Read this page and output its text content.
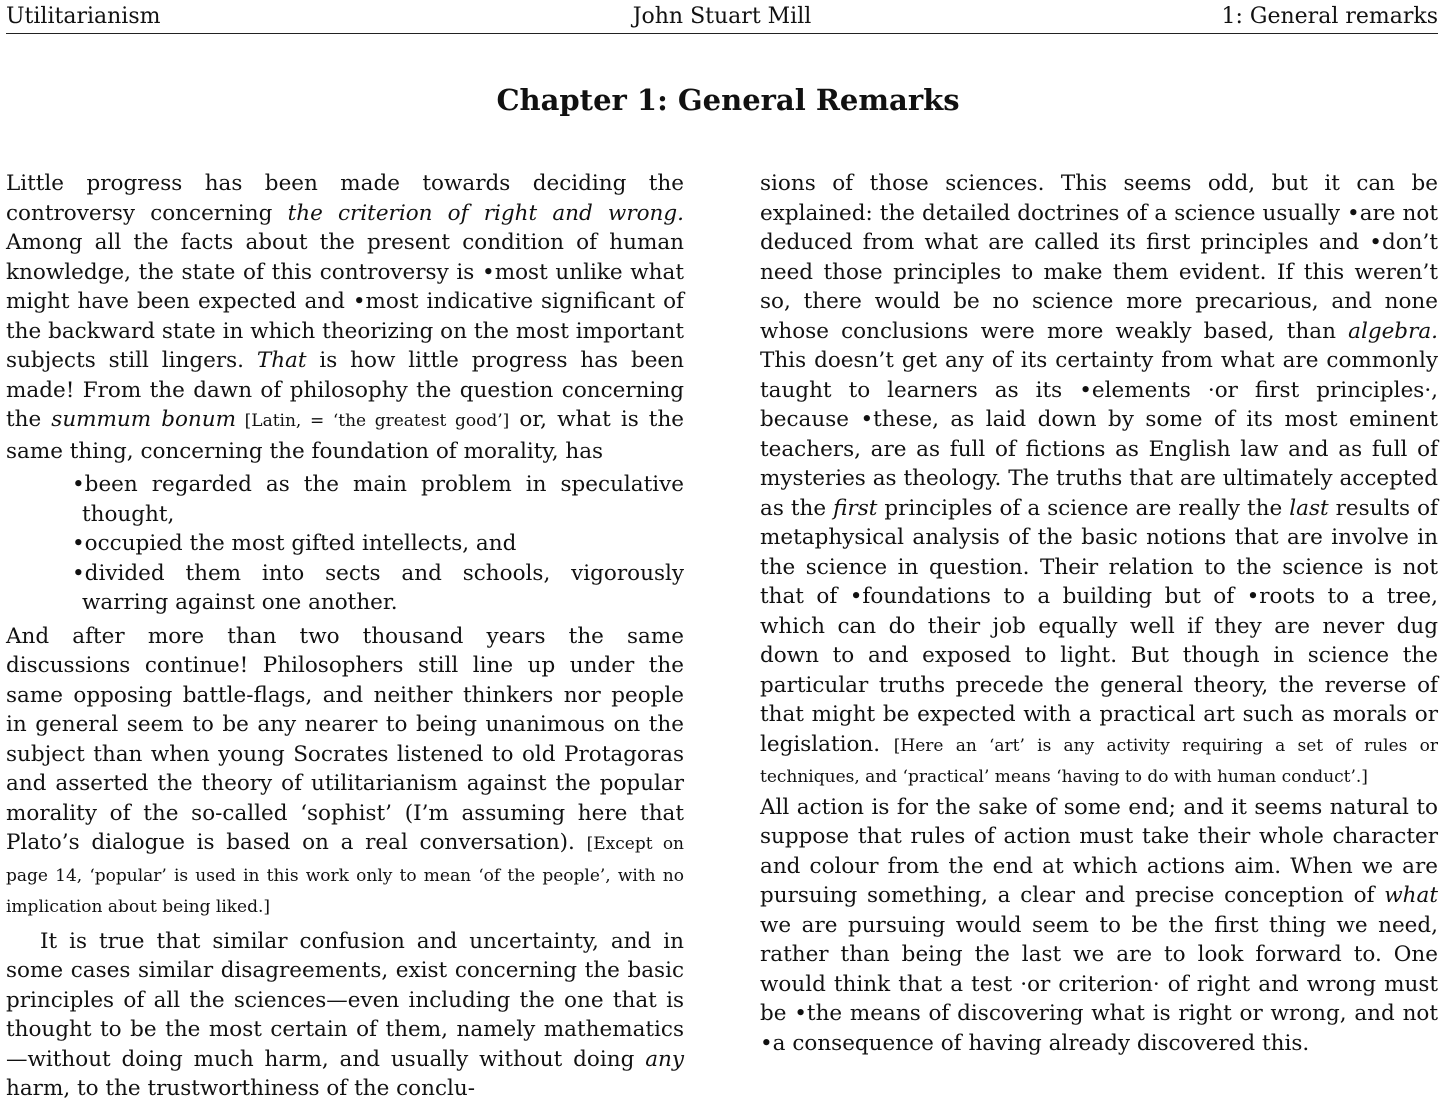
Utilitarianism	John Stuart Mill	1: General remarks
Chapter 1: General Remarks

Little progress has been made towards deciding the controversy concerning the criterion of right and wrong. Among all the facts about the present condition of human knowledge, the state of this controversy is •most unlike what might have been expected and •most indicative significant of the backward state in which theorizing on the most important subjects still lingers. That is how little progress has been made! From the dawn of philosophy the question concerning the summum bonum [Latin, = ‘the greatest good’] or, what is the same thing, concerning the foundation of morality, has

•been regarded as the main problem in speculative thought,
•occupied the most gifted intellects, and
•divided them into sects and schools, vigorously warring against one another.

And after more than two thousand years the same discussions continue! Philosophers still line up under the same opposing battle-flags, and neither thinkers nor people in general seem to be any nearer to being unanimous on the subject than when young Socrates listened to old Protagoras and asserted the theory of utilitarianism against the popular morality of the so-called ‘sophist’ (I’m assuming here that Plato’s dialogue is based on a real conversation). [Except on page 14, ‘popular’ is used in this work only to mean ‘of the people’, with no implication about being liked.]

It is true that similar confusion and uncertainty, and in some cases similar disagreements, exist concerning the basic principles of all the sciences—even including the one that is thought to be the most certain of them, namely mathematics—without doing much harm, and usually without doing any harm, to the trustworthiness of the conclu-

sions of those sciences. This seems odd, but it can be explained: the detailed doctrines of a science usually •are not deduced from what are called its first principles and •don’t need those principles to make them evident. If this weren’t so, there would be no science more precarious, and none whose conclusions were more weakly based, than algebra. This doesn’t get any of its certainty from what are commonly taught to learners as its •elements ·or first principles·, because •these, as laid down by some of its most eminent teachers, are as full of fictions as English law and as full of mysteries as theology. The truths that are ultimately accepted as the first principles of a science are really the last results of metaphysical analysis of the basic notions that are involve in the science in question. Their relation to the science is not that of •foundations to a building but of •roots to a tree, which can do their job equally well if they are never dug down to and exposed to light. But though in science the particular truths precede the general theory, the reverse of that might be expected with a practical art such as morals or legislation. [Here an ‘art’ is any activity requiring a set of rules or techniques, and ‘practical’ means ‘having to do with human conduct’.]

All action is for the sake of some end; and it seems natural to suppose that rules of action must take their whole character and colour from the end at which actions aim. When we are pursuing something, a clear and precise conception of what we are pursuing would seem to be the first thing we need, rather than being the last we are to look forward to. One would think that a test ·or criterion· of right and wrong must be •the means of discovering what is right or wrong, and not •a consequence of having already discovered this.
